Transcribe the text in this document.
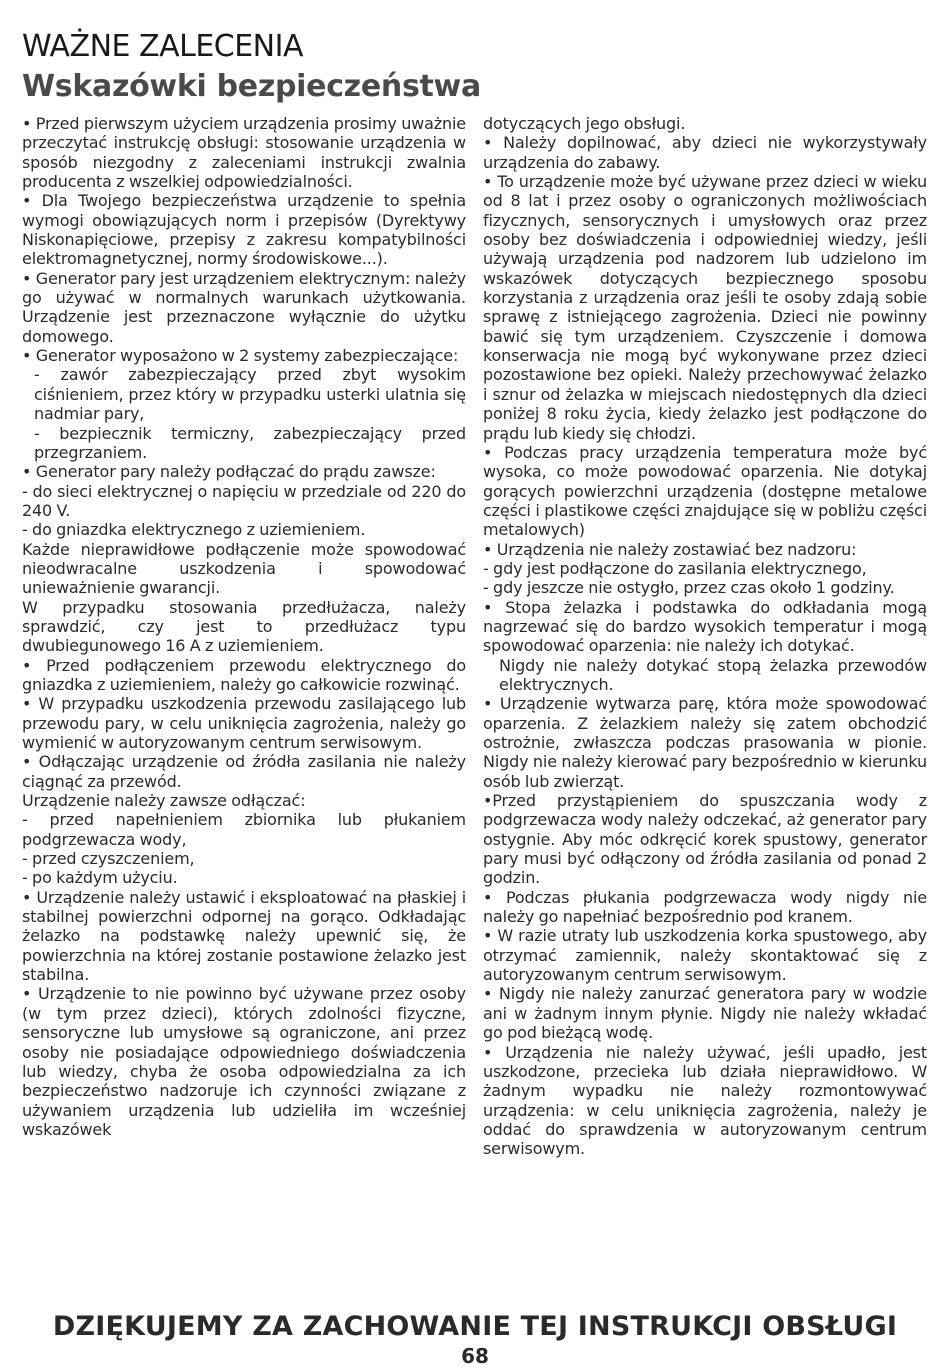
WAŻNE ZALECENIA
Wskazówki bezpieczeństwa

• Przed pierwszym użyciem urządzenia prosimy uważnie przeczytać instrukcję obsługi: stosowanie urządzenia w sposób niezgodny z zaleceniami instrukcji zwalnia producenta z wszelkiej odpowiedzialności.

• Dla Twojego bezpieczeństwa urządzenie to spełnia wymogi obowiązujących norm i przepisów (Dyrektywy Niskonapięciowe, przepisy z zakresu kompatybilności elektromagnetycznej, normy środowiskowe...).

• Generator pary jest urządzeniem elektrycznym: należy go używać w normalnych warunkach użytkowania. Urządzenie jest przeznaczone wyłącznie do użytku domowego.

• Generator wyposażono w 2 systemy zabezpieczające:

- zawór zabezpieczający przed zbyt wysokim ciśnieniem, przez który w przypadku usterki ulatnia się nadmiar pary,

- bezpiecznik termiczny, zabezpieczający przed przegrzaniem.

• Generator pary należy podłączać do prądu zawsze:

- do sieci elektrycznej o napięciu w przedziale od 220 do 240 V.

- do gniazdka elektrycznego z uziemieniem.

Każde nieprawidłowe podłączenie może spowodować nieodwracalne uszkodzenia i spowodować unieważnienie gwarancji.

W przypadku stosowania przedłużacza, należy sprawdzić, czy jest to przedłużacz typu dwubiegunowego 16 A z uziemieniem.

• Przed podłączeniem przewodu elektrycznego do gniazdka z uziemieniem, należy go całkowicie rozwinąć.

• W przypadku uszkodzenia przewodu zasilającego lub przewodu pary, w celu uniknięcia zagrożenia, należy go wymienić w autoryzowanym centrum serwisowym.

• Odłączając urządzenie od źródła zasilania nie należy ciągnąć za przewód.

Urządzenie należy zawsze odłączać:

- przed napełnieniem zbiornika lub płukaniem podgrzewacza wody,

- przed czyszczeniem,

- po każdym użyciu.

• Urządzenie należy ustawić i eksploatować na płaskiej i stabilnej powierzchni odpornej na gorąco. Odkładając żelazko na podstawkę należy upewnić się, że powierzchnia na której zostanie postawione żelazko jest stabilna.

• Urządzenie to nie powinno być używane przez osoby (w tym przez dzieci), których zdolności fizyczne, sensoryczne lub umysłowe są ograniczone, ani przez osoby nie posiadające odpowiedniego doświadczenia lub wiedzy, chyba że osoba odpowiedzialna za ich bezpieczeństwo nadzoruje ich czynności związane z używaniem urządzenia lub udzieliła im wcześniej wskazówek

dotyczących jego obsługi.

• Należy dopilnować, aby dzieci nie wykorzystywały urządzenia do zabawy.

• To urządzenie może być używane przez dzieci w wieku od 8 lat i przez osoby o ograniczonych możliwościach fizycznych, sensorycznych i umysłowych oraz przez osoby bez doświadczenia i odpowiedniej wiedzy, jeśli używają urządzenia pod nadzorem lub udzielono im wskazówek dotyczących bezpiecznego sposobu korzystania z urządzenia oraz jeśli te osoby zdają sobie sprawę z istniejącego zagrożenia. Dzieci nie powinny bawić się tym urządzeniem. Czyszczenie i domowa konserwacja nie mogą być wykonywane przez dzieci pozostawione bez opieki. Należy przechowywać żelazko i sznur od żelazka w miejscach niedostępnych dla dzieci poniżej 8 roku życia, kiedy żelazko jest podłączone do prądu lub kiedy się chłodzi.

• Podczas pracy urządzenia temperatura może być wysoka, co może powodować oparzenia. Nie dotykaj gorących powierzchni urządzenia (dostępne metalowe części i plastikowe części znajdujące się w pobliżu części metalowych)

• Urządzenia nie należy zostawiać bez nadzoru:

- gdy jest podłączone do zasilania elektrycznego,

- gdy jeszcze nie ostygło, przez czas około 1 godziny.

• Stopa żelazka i podstawka do odkładania mogą nagrzewać się do bardzo wysokich temperatur i mogą spowodować oparzenia: nie należy ich dotykać.

Nigdy nie należy dotykać stopą żelazka przewodów elektrycznych.

• Urządzenie wytwarza parę, która może spowodować oparzenia. Z żelazkiem należy się zatem obchodzić ostrożnie, zwłaszcza podczas prasowania w pionie. Nigdy nie należy kierować pary bezpośrednio w kierunku osób lub zwierząt.

•Przed przystąpieniem do spuszczania wody z podgrzewacza wody należy odczekać, aż generator pary ostygnie. Aby móc odkręcić korek spustowy, generator pary musi być odłączony od źródła zasilania od ponad 2 godzin.

• Podczas płukania podgrzewacza wody nigdy nie należy go napełniać bezpośrednio pod kranem.

• W razie utraty lub uszkodzenia korka spustowego, aby otrzymać zamiennik, należy skontaktować się z autoryzowanym centrum serwisowym.

• Nigdy nie należy zanurzać generatora pary w wodzie ani w żadnym innym płynie. Nigdy nie należy wkładać go pod bieżącą wodę.

• Urządzenia nie należy używać, jeśli upadło, jest uszkodzone, przecieka lub działa nieprawidłowo. W żadnym wypadku nie należy rozmontowywać urządzenia: w celu uniknięcia zagrożenia, należy je oddać do sprawdzenia w autoryzowanym centrum serwisowym.

DZIĘKUJEMY ZA ZACHOWANIE TEJ INSTRUKCJI OBSŁUGI
68
